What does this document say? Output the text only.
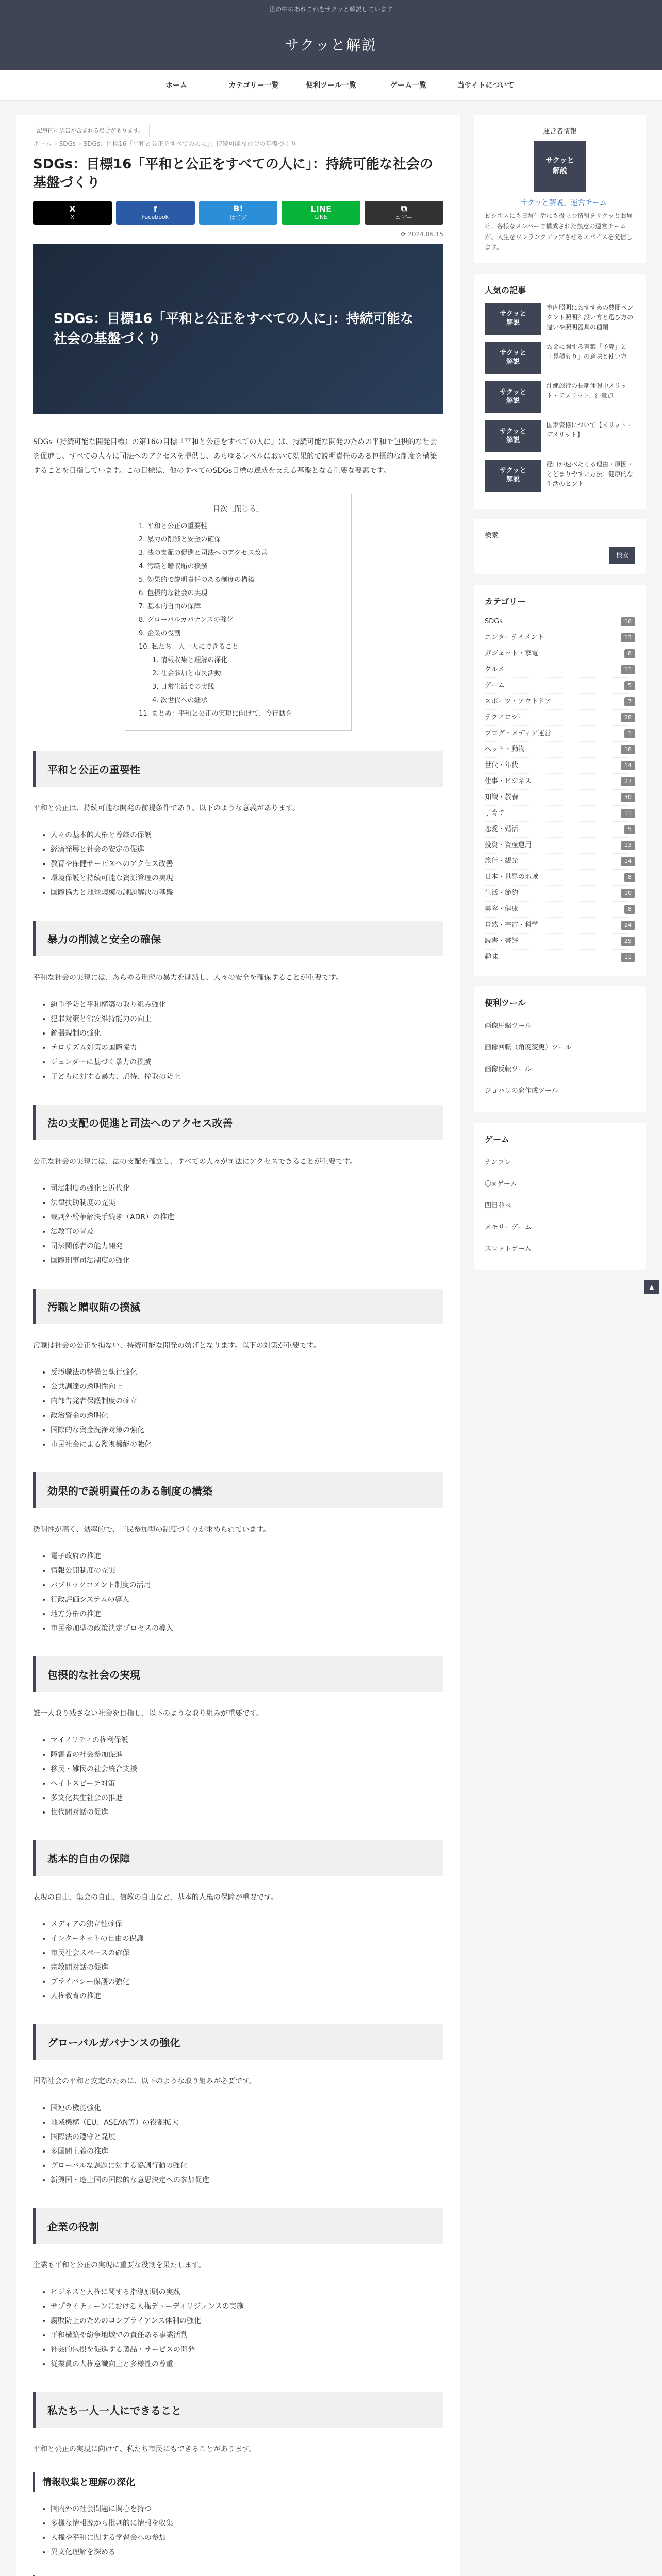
世の中のあれこれをサクッと解説しています
サクッと解説
ホーム	カテゴリー一覧	便利ツール一覧	ゲーム一覧	当サイトについて
記事内に広告が含まれる場合があります。
ホーム › SDGs › SDGs：目標16「平和と公正をすべての人に」：持続可能な社会の基盤づくり
SDGs：目標16「平和と公正をすべての人に」：持続可能な社会の基盤づくり
X
X
f
Facebook
B!
はてブ
LINE
LINE
⧉
コピー
⟳ 2024.06.15
SDGs：目標16「平和と公正をすべての人に」：持続可能な社会の基盤づくり

SDGs（持続可能な開発目標）の第16の目標「平和と公正をすべての人に」は、持続可能な開発のための平和で包摂的な社会を促進し、すべての人々に司法へのアクセスを提供し、あらゆるレベルにおいて効果的で説明責任のある包摂的な制度を構築することを目指しています。この目標は、他のすべてのSDGs目標の達成を支える基盤となる重要な要素です。

目次［閉じる］
1. 平和と公正の重要性
2. 暴力の削減と安全の確保
3. 法の支配の促進と司法へのアクセス改善
4. 汚職と贈収賄の撲滅
5. 効果的で説明責任のある制度の構築
6. 包摂的な社会の実現
7. 基本的自由の保障
8. グローバルガバナンスの強化
9. 企業の役割
10. 私たち一人一人にできること
1. 情報収集と理解の深化
2. 社会参加と市民活動
3. 日常生活での実践
4. 次世代への継承
11. まとめ：平和と公正の実現に向けて、今行動を
平和と公正の重要性

平和と公正は、持続可能な開発の前提条件であり、以下のような意義があります。

• 人々の基本的人権と尊厳の保護
• 経済発展と社会の安定の促進
• 教育や保健サービスへのアクセス改善
• 環境保護と持続可能な資源管理の実現
• 国際協力と地球規模の課題解決の基盤
暴力の削減と安全の確保

平和な社会の実現には、あらゆる形態の暴力を削減し、人々の安全を確保することが重要です。

• 紛争予防と平和構築の取り組み強化
• 犯罪対策と治安維持能力の向上
• 銃器規制の強化
• テロリズム対策の国際協力
• ジェンダーに基づく暴力の撲滅
• 子どもに対する暴力、虐待、搾取の防止
法の支配の促進と司法へのアクセス改善

公正な社会の実現には、法の支配を確立し、すべての人々が司法にアクセスできることが重要です。

• 司法制度の強化と近代化
• 法律扶助制度の充実
• 裁判外紛争解決手続き（ADR）の推進
• 法教育の普及
• 司法関係者の能力開発
• 国際刑事司法制度の強化
汚職と贈収賄の撲滅

汚職は社会の公正を損ない、持続可能な開発の妨げとなります。以下の対策が重要です。

• 反汚職法の整備と執行強化
• 公共調達の透明性向上
• 内部告発者保護制度の確立
• 政治資金の透明化
• 国際的な資金洗浄対策の強化
• 市民社会による監視機能の強化
効果的で説明責任のある制度の構築

透明性が高く、効率的で、市民参加型の制度づくりが求められています。

• 電子政府の推進
• 情報公開制度の充実
• パブリックコメント制度の活用
• 行政評価システムの導入
• 地方分権の推進
• 市民参加型の政策決定プロセスの導入
包摂的な社会の実現

誰一人取り残さない社会を目指し、以下のような取り組みが重要です。

• マイノリティの権利保護
• 障害者の社会参加促進
• 移民・難民の社会統合支援
• ヘイトスピーチ対策
• 多文化共生社会の推進
• 世代間対話の促進
基本的自由の保障

表現の自由、集会の自由、信教の自由など、基本的人権の保障が重要です。

• メディアの独立性確保
• インターネットの自由の保護
• 市民社会スペースの確保
• 宗教間対話の促進
• プライバシー保護の強化
• 人権教育の推進
グローバルガバナンスの強化

国際社会の平和と安定のために、以下のような取り組みが必要です。

• 国連の機能強化
• 地域機構（EU、ASEAN等）の役割拡大
• 国際法の遵守と発展
• 多国間主義の推進
• グローバルな課題に対する協調行動の強化
• 新興国・途上国の国際的な意思決定への参加促進
企業の役割

企業も平和と公正の実現に重要な役割を果たします。

• ビジネスと人権に関する指導原則の実践
• サプライチェーンにおける人権デューディリジェンスの実施
• 腐敗防止のためのコンプライアンス体制の強化
• 平和構築や紛争地域での責任ある事業活動
• 社会的包摂を促進する製品・サービスの開発
• 従業員の人権意識向上と多様性の尊重
私たち一人一人にできること

平和と公正の実現に向けて、私たち市民にもできることがあります。

情報収集と理解の深化
• 国内外の社会問題に関心を持つ
• 多様な情報源から批判的に情報を収集
• 人権や平和に関する学習会への参加
• 異文化理解を深める
運営者情報
サクッと
解説
「サクッと解説」運営チーム
ビジネスにも日常生活にも役立つ情報をサクッとお届け。各様なメンバーで構成された熱意の運営チームが、人生をワンランクアップさせるスパイスを発信します。
人気の記事
サクッと
解説
室内照明におすすめの豊間ペンダント照明？設い方と選び方の違いや照明器具の種類
サクッと
解説
お金に関する言葉「予算」と「見積もり」の意味と使い方
サクッと
解説
沖縄旅行の長期休暇中メリット・デメリット、注意点
サクッと
解説
国家資格について【メリット・デメリット】
サクッと
解説
経口が速べたくる理由・原因・とどまりやすい方法：健康的な生活のヒント
検索
検索
カテゴリー
SDGs	16
エンターテイメント	13
ガジェット・家電	8
グルメ	11
ゲーム	5
スポーツ・アウトドア	7
テクノロジー	28
ブログ・メディア運営	1
ペット・動物	18
世代・年代	14
仕事・ビジネス	27
知識・教養	30
子育て	11
恋愛・婚活	5
投資・資産運用	13
旅行・観光	14
日本・世界の地域	8
生活・節約	10
美容・健康	8
自然・宇宙・科学	24
読書・書評	25
趣味	11
便利ツール
画像圧縮ツール
画像回転（角度変更）ツール
画像反転ツール
ジョハリの窓作成ツール
ゲーム
ナンプレ
〇×ゲーム
四目並べ
メモリーゲーム
スロットゲーム
▲
